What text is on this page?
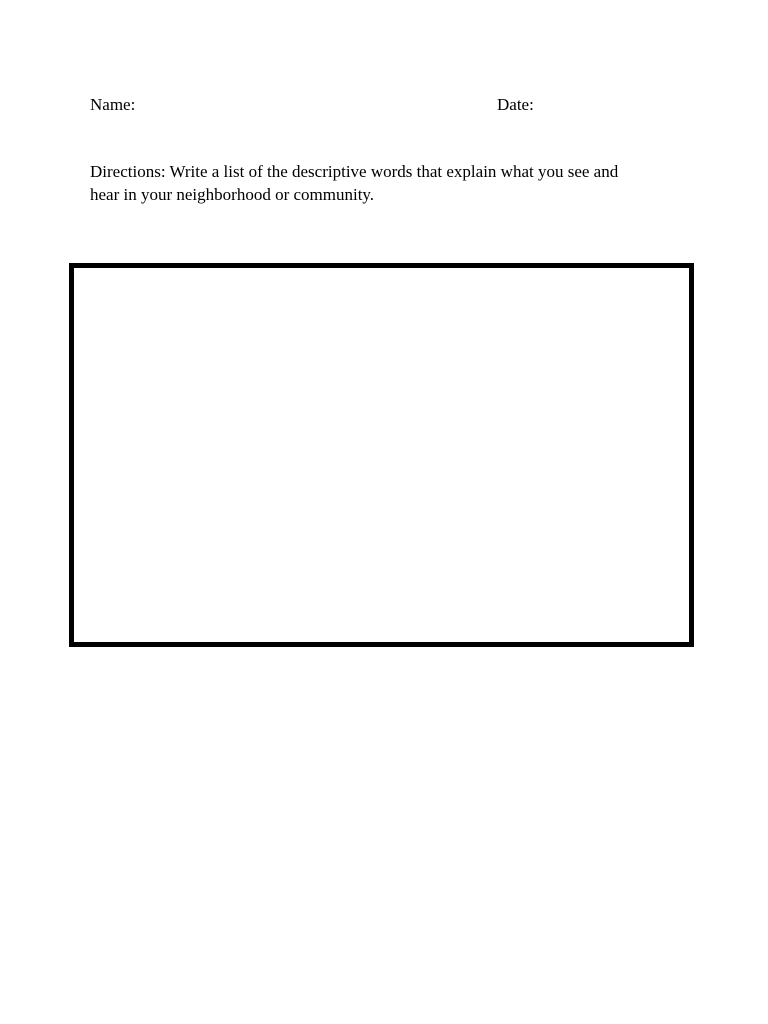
Name:	Date:
Directions: Write a list of the descriptive words that explain what you see and
hear in your neighborhood or community.
